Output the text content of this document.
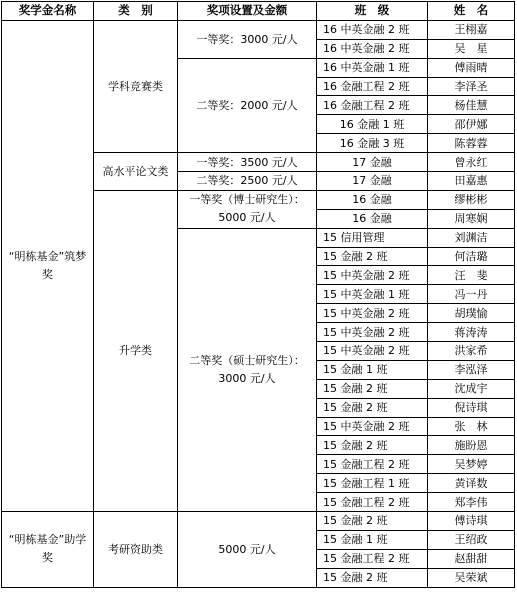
奖学金名称	类　别	奖项设置及金额	班　级	姓　名
“明栋基金”筑梦奖	学科竞赛类	一等奖：3000 元/人	16 中英金融 2 班	王栩嘉
			16 中英金融 2 班	吴　星
		二等奖：2000 元/人	16 中英金融 1 班	傅雨晴
			16 金融工程 2 班	李泽圣
			16 金融工程 2 班	杨佳慧
			16 金融 1 班	邵伊娜
			16 金融 3 班	陈蓉蓉
	高水平论文类	一等奖：3500 元/人	17 金融	曾永红
		二等奖：2500 元/人	17 金融	田嘉惠
	升学类	一等奖（博士研究生）：5000 元/人	16 金融	缪彬彬
			16 金融	周寒娴
		二等奖（硕士研究生）：3000 元/人	15 信用管理	刘渊洁
			15 金融 2 班	何洁璐
			15 中英金融 2 班	汪　斐
			15 中英金融 1 班	冯一丹
			15 中英金融 2 班	胡璞愉
			15 中英金融 2 班	蒋涛涛
			15 中英金融 2 班	洪家希
			15 金融 1 班	李泓泽
			15 金融 2 班	沈成宇
			15 金融 2 班	倪诗琪
			15 中英金融 2 班	张　林
			15 金融 2 班	施盼恩
			15 金融工程 2 班	吴梦婷
			15 金融工程 1 班	黄译数
			15 金融工程 2 班	郑李伟
“明栋基金”助学奖	考研资助类	5000 元/人	15 金融 2 班	傅诗琪
			15 金融 1 班	王绍政
			15 金融工程 2 班	赵甜甜
			15 金融 2 班	吴荣斌
